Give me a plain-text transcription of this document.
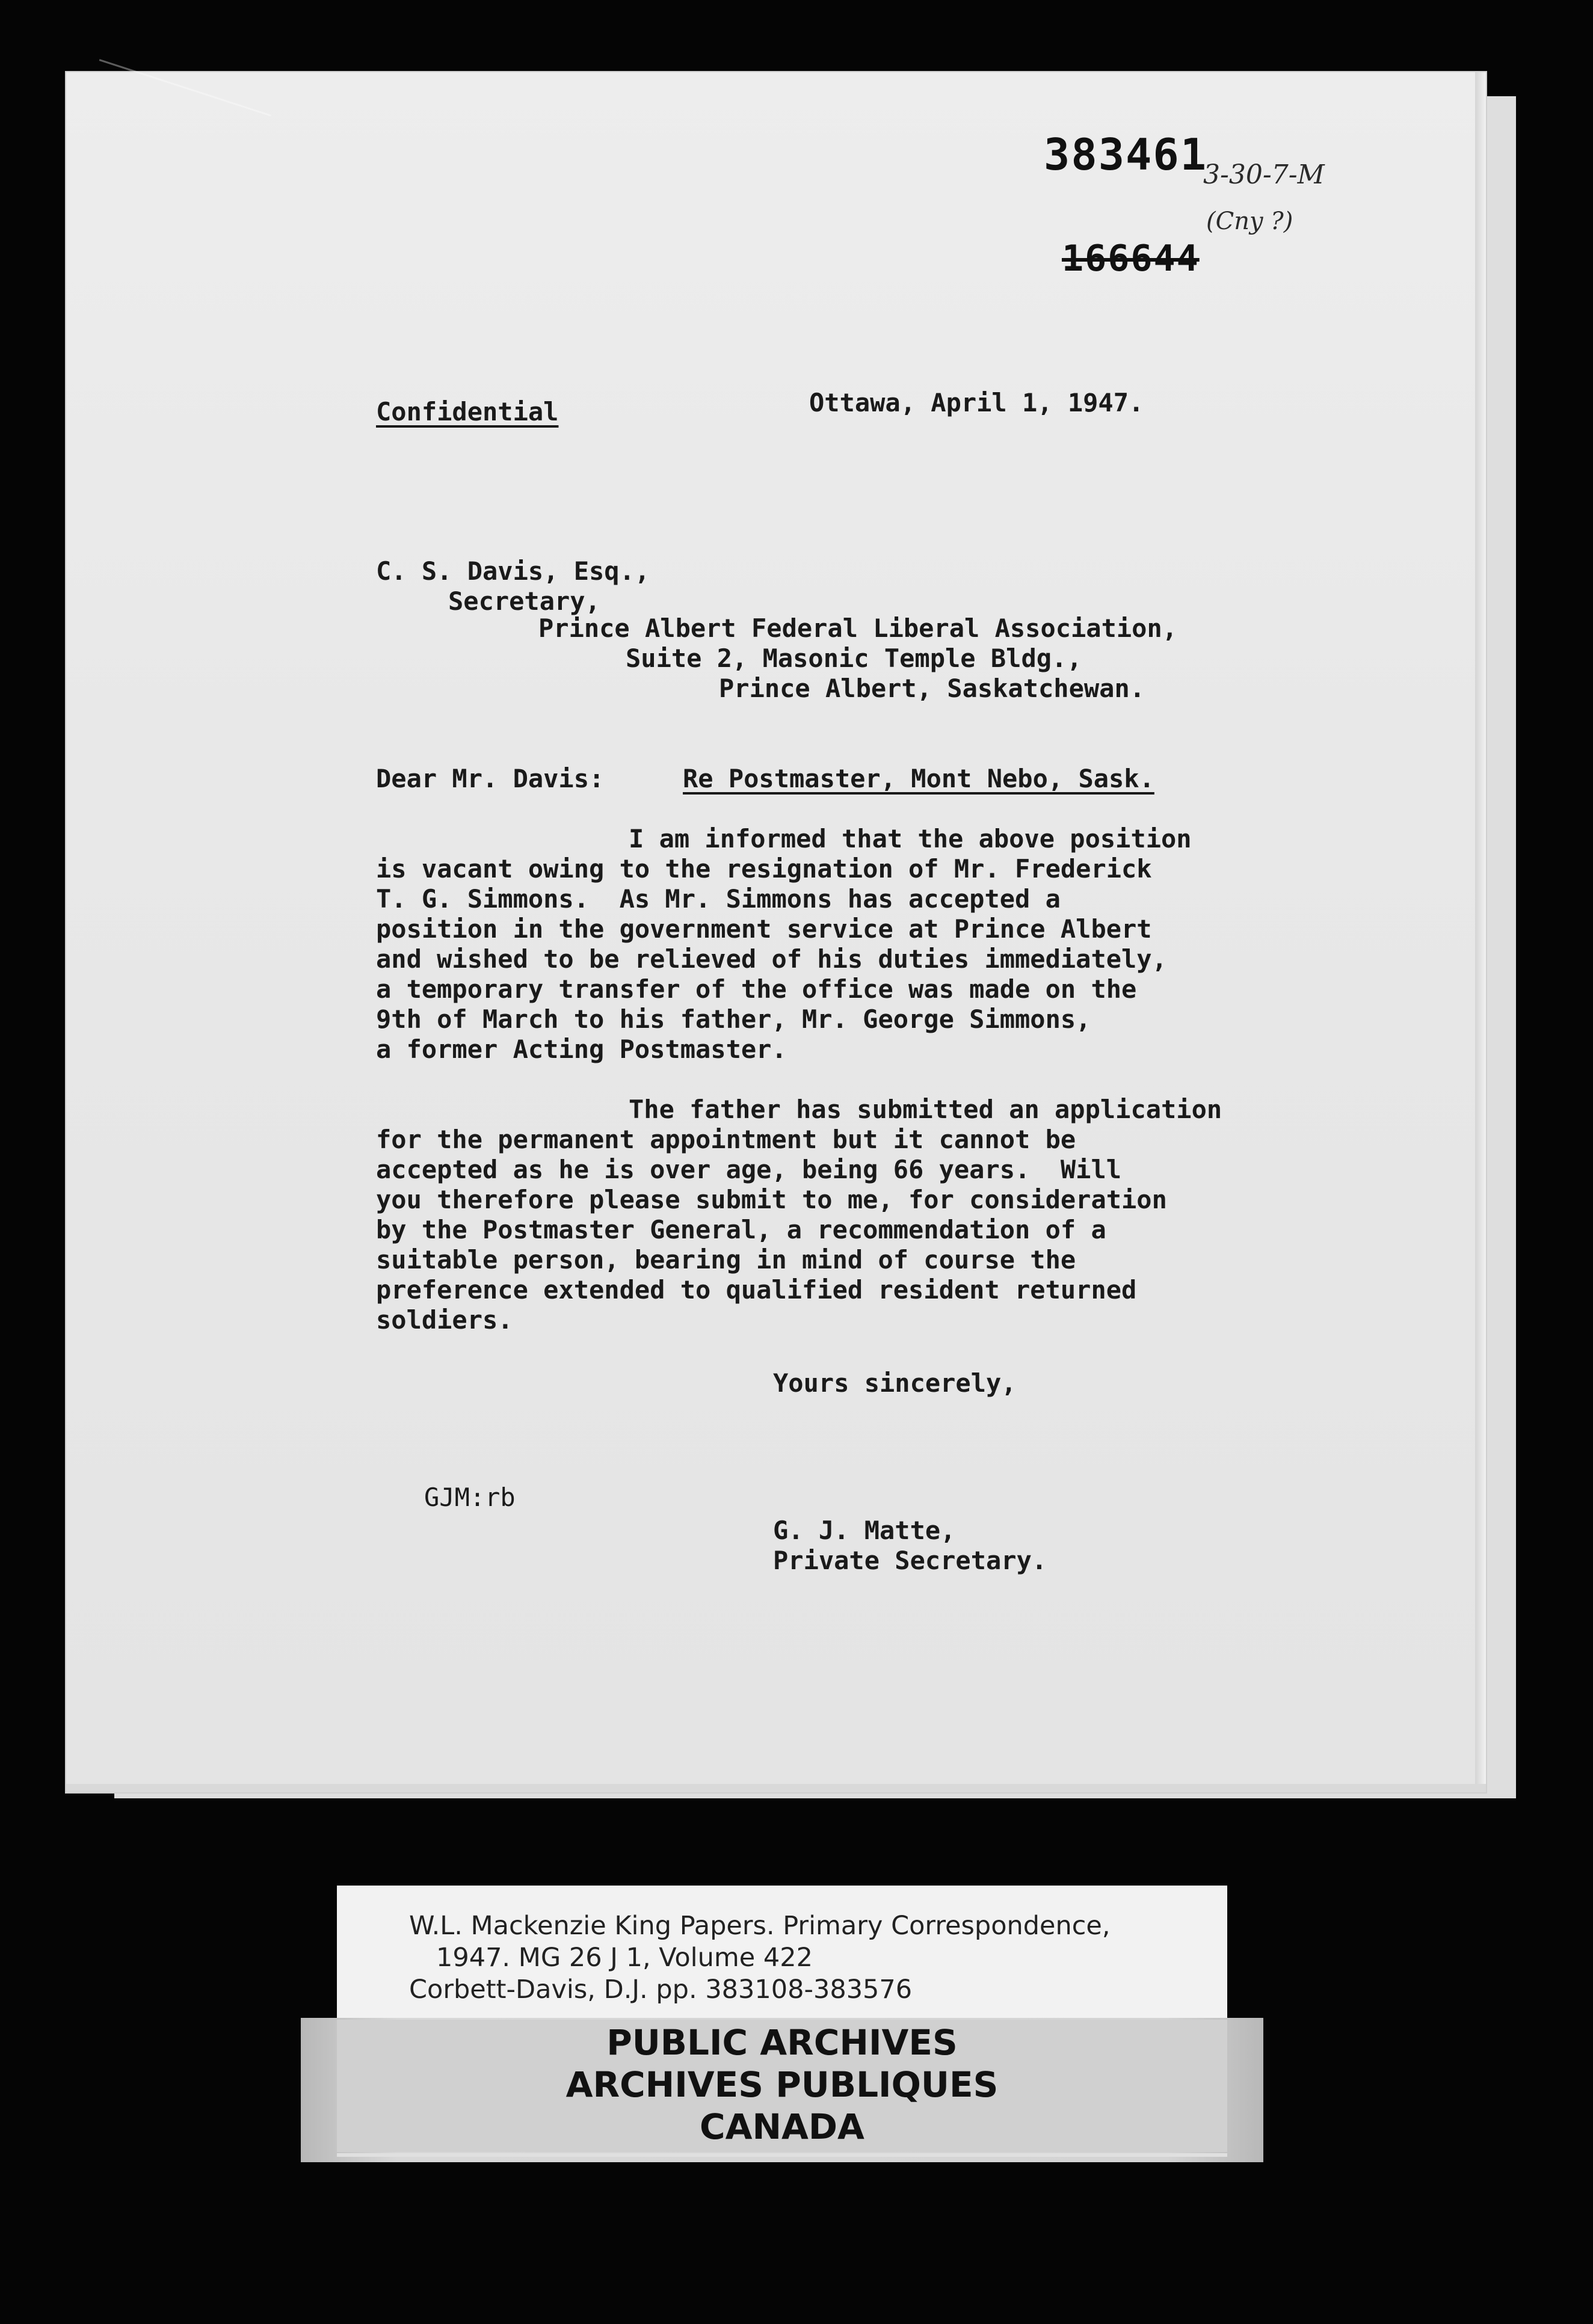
383461
3-30-7-M
(Cny ?)
166644
Confidential	Ottawa, April 1, 1947.
C. S. Davis, Esq.,
Secretary,
Prince Albert Federal Liberal Association,
Suite 2, Masonic Temple Bldg.,
Prince Albert, Saskatchewan.
Dear Mr. Davis:	Re Postmaster, Mont Nebo, Sask.
I am informed that the above position
is vacant owing to the resignation of Mr. Frederick
T. G. Simmons.  As Mr. Simmons has accepted a
position in the government service at Prince Albert
and wished to be relieved of his duties immediately,
a temporary transfer of the office was made on the
9th of March to his father, Mr. George Simmons,
a former Acting Postmaster.
The father has submitted an application
for the permanent appointment but it cannot be
accepted as he is over age, being 66 years.  Will
you therefore please submit to me, for consideration
by the Postmaster General, a recommendation of a
suitable person, bearing in mind of course the
preference extended to qualified resident returned
soldiers.
Yours sincerely,
GJM:rb
G. J. Matte,
Private Secretary.
W.L. Mackenzie King Papers. Primary Correspondence,
1947. MG 26 J 1, Volume 422
Corbett-Davis, D.J. pp. 383108-383576
PUBLIC ARCHIVES
ARCHIVES PUBLIQUES
CANADA
